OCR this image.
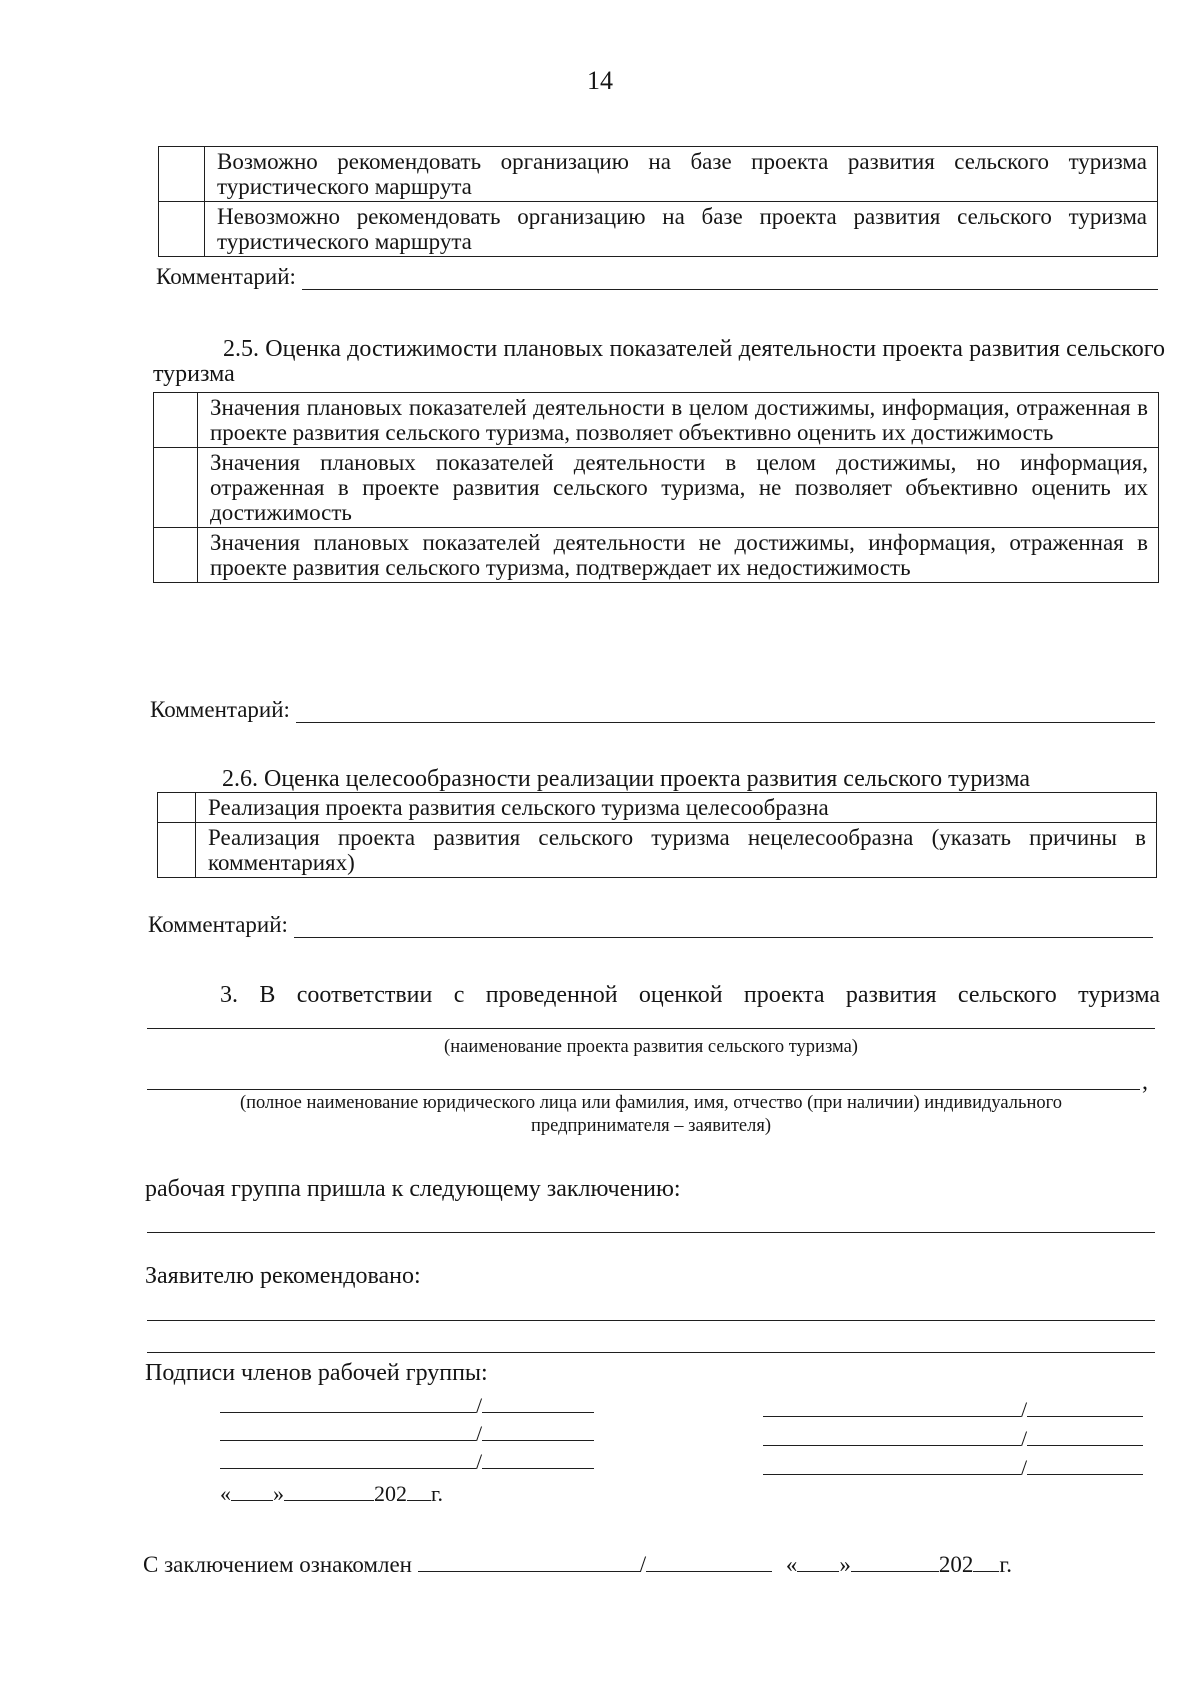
14
	Возможно рекомендовать организацию на базе проекта развития сельского туризма туристического маршрута
	Невозможно рекомендовать организацию на базе проекта развития сельского туризма туристического маршрута
Комментарий:
2.5. Оценка достижимости плановых показателей деятельности проекта развития сельского туризма
	Значения плановых показателей деятельности в целом достижимы, информация, отраженная в проекте развития сельского туризма, позволяет объективно оценить их достижимость
	Значения плановых показателей деятельности в целом достижимы, но информация, отраженная в проекте развития сельского туризма, не позволяет объективно оценить их достижимость
	Значения плановых показателей деятельности не достижимы, информация, отраженная в проекте развития сельского туризма, подтверждает их недостижимость
Комментарий:
2.6. Оценка целесообразности реализации проекта развития сельского туризма
	Реализация проекта развития сельского туризма целесообразна
	Реализация проекта развития сельского туризма нецелесообразна (указать причины в комментариях)
Комментарий:
3. В соответствии с проведенной оценкой проекта развития сельского туризма
(наименование проекта развития сельского туризма)
,
(полное наименование юридического лица или фамилия, имя, отчество (при наличии) индивидуального
предпринимателя – заявителя)
рабочая группа пришла к следующему заключению:
Заявителю рекомендовано:
Подписи членов рабочей группы:
/
/
/
« »	202 г.
/
/
/
С заключением ознакомлен	/	« »	202 г.
